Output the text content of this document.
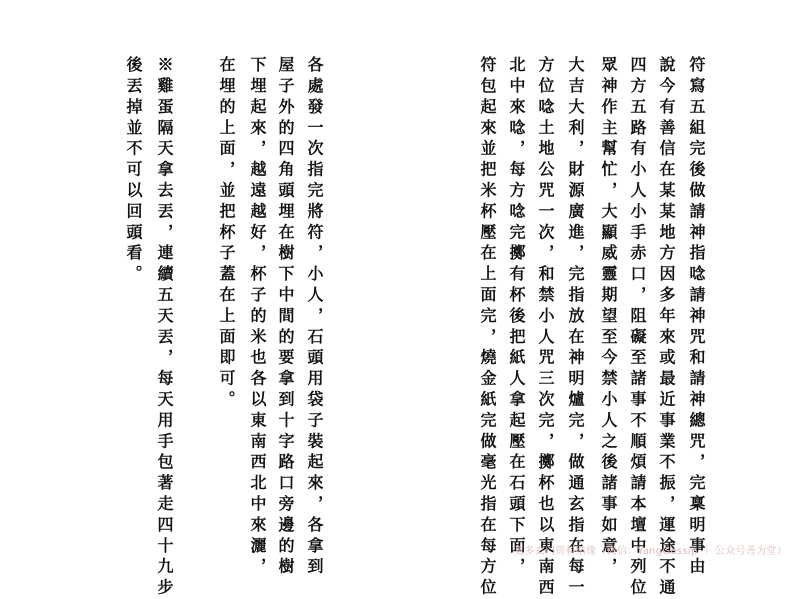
符寫五組完後做請神指唸請神咒和請神總咒，完稟明事由
說今有善信在某某地方因多年來或最近事業不振，運途不通
四方五路有小人小手赤口，阻礙至諸事不順煩請本壇中列位
眾神作主幫忙，大顯威靈期望至今禁小人之後諸事如意，
大吉大利，財源廣進，完指放在神明爐完，做通玄指在每一
方位唸土地公咒一次，和禁小人咒三次完，擲杯也以東南西
北中來唸，每方唸完擲有杯後把紙人拿起壓在石頭下面，
符包起來並把米杯壓在上面完，燒金紙完做毫光指在每方位
各處發一次指完將符，小人，石頭用袋子裝起來，各拿到
屋子外的四角頭埋在樹下中間的要拿到十字路口旁邊的樹
下埋起來，越遠越好，杯子的米也各以東南西北中來灑，
在埋的上面，並把杯子蓋在上面即可。
※雞蛋隔天拿去丟，連續五天丟，每天用手包著走四十九步
後丟掉並不可以回頭看。
更多玄门资料结缘（微信：YangGossip ｜ 公众号善为堂）
